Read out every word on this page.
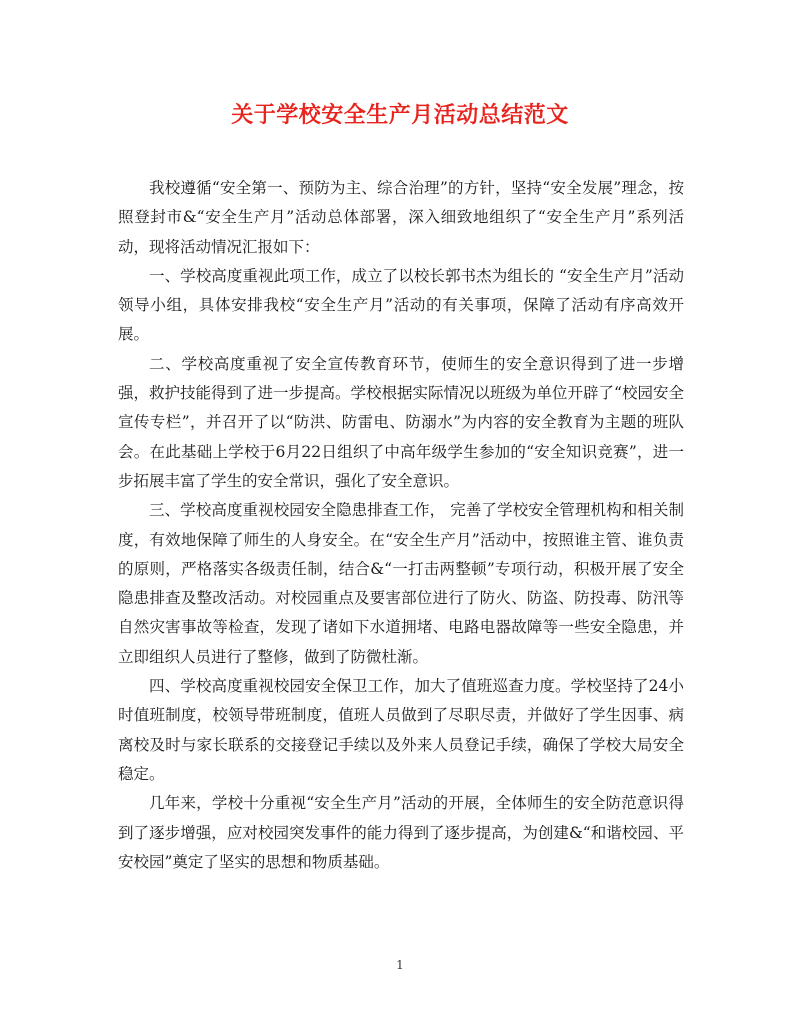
关于学校安全生产月活动总结范文

我校遵循“安全第一、预防为主、综合治理”的方针，坚持“安全发展”理念，按照登封市&“安全生产月”活动总体部署，深入细致地组织了“安全生产月”系列活动，现将活动情况汇报如下：

一、学校高度重视此项工作，成立了以校长郭书杰为组长的 “安全生产月”活动领导小组，具体安排我校“安全生产月”活动的有关事项，保障了活动有序高效开展。

二、学校高度重视了安全宣传教育环节，使师生的安全意识得到了进一步增强，救护技能得到了进一步提高。学校根据实际情况以班级为单位开辟了“校园安全宣传专栏”，并召开了以“防洪、防雷电、防溺水”为内容的安全教育为主题的班队会。在此基础上学校于6月22日组织了中高年级学生参加的“安全知识竞赛”，进一步拓展丰富了学生的安全常识，强化了安全意识。

三、学校高度重视校园安全隐患排查工作， 完善了学校安全管理机构和相关制度，有效地保障了师生的人身安全。在“安全生产月”活动中，按照谁主管、谁负责的原则，严格落实各级责任制，结合&“一打击两整顿”专项行动，积极开展了安全隐患排查及整改活动。对校园重点及要害部位进行了防火、防盗、防投毒、防汛等自然灾害事故等检查，发现了诸如下水道拥堵、电路电器故障等一些安全隐患，并立即组织人员进行了整修，做到了防微杜渐。

四、学校高度重视校园安全保卫工作，加大了值班巡查力度。学校坚持了24小时值班制度，校领导带班制度，值班人员做到了尽职尽责，并做好了学生因事、病离校及时与家长联系的交接登记手续以及外来人员登记手续，确保了学校大局安全稳定。

几年来，学校十分重视“安全生产月”活动的开展，全体师生的安全防范意识得到了逐步增强，应对校园突发事件的能力得到了逐步提高，为创建&“和谐校园、平安校园”奠定了坚实的思想和物质基础。

1
